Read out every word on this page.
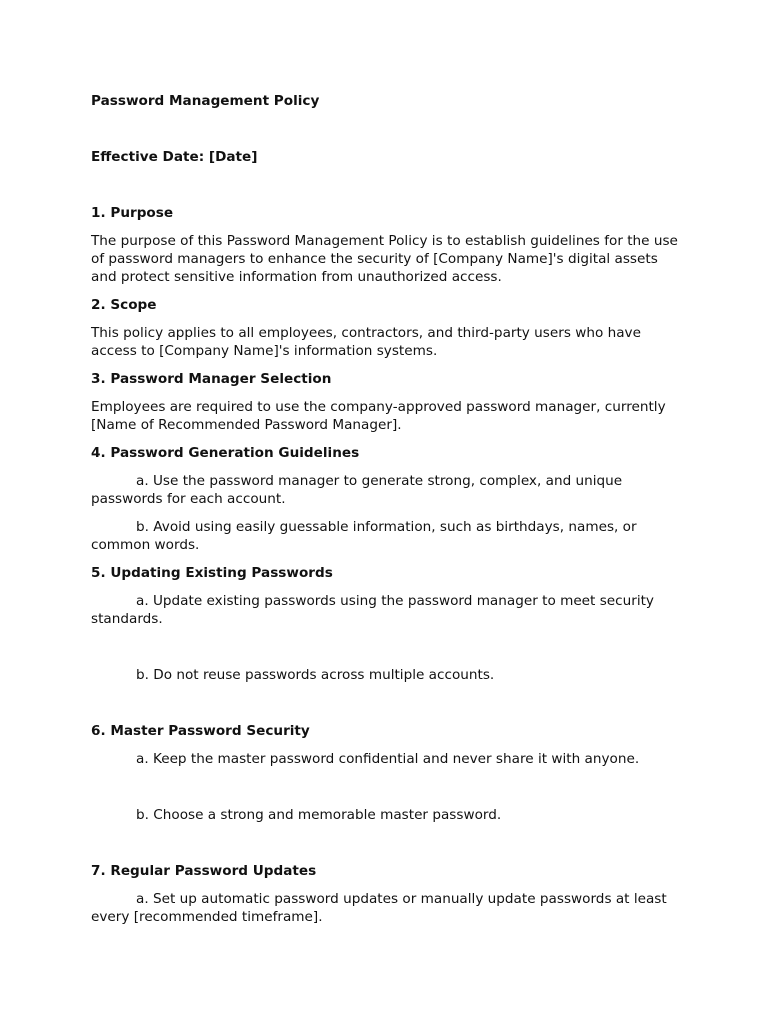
Password Management Policy

Effective Date: [Date]

1. Purpose

The purpose of this Password Management Policy is to establish guidelines for the use of password managers to enhance the security of [Company Name]'s digital assets and protect sensitive information from unauthorized access.

2. Scope

This policy applies to all employees, contractors, and third-party users who have access to [Company Name]'s information systems.

3. Password Manager Selection

Employees are required to use the company-approved password manager, currently [Name of Recommended Password Manager].

4. Password Generation Guidelines

a. Use the password manager to generate strong, complex, and unique passwords for each account.

b. Avoid using easily guessable information, such as birthdays, names, or common words.

5. Updating Existing Passwords

a. Update existing passwords using the password manager to meet security standards.

b. Do not reuse passwords across multiple accounts.

6. Master Password Security

a. Keep the master password confidential and never share it with anyone.

b. Choose a strong and memorable master password.

7. Regular Password Updates

a. Set up automatic password updates or manually update passwords at least every [recommended timeframe].
